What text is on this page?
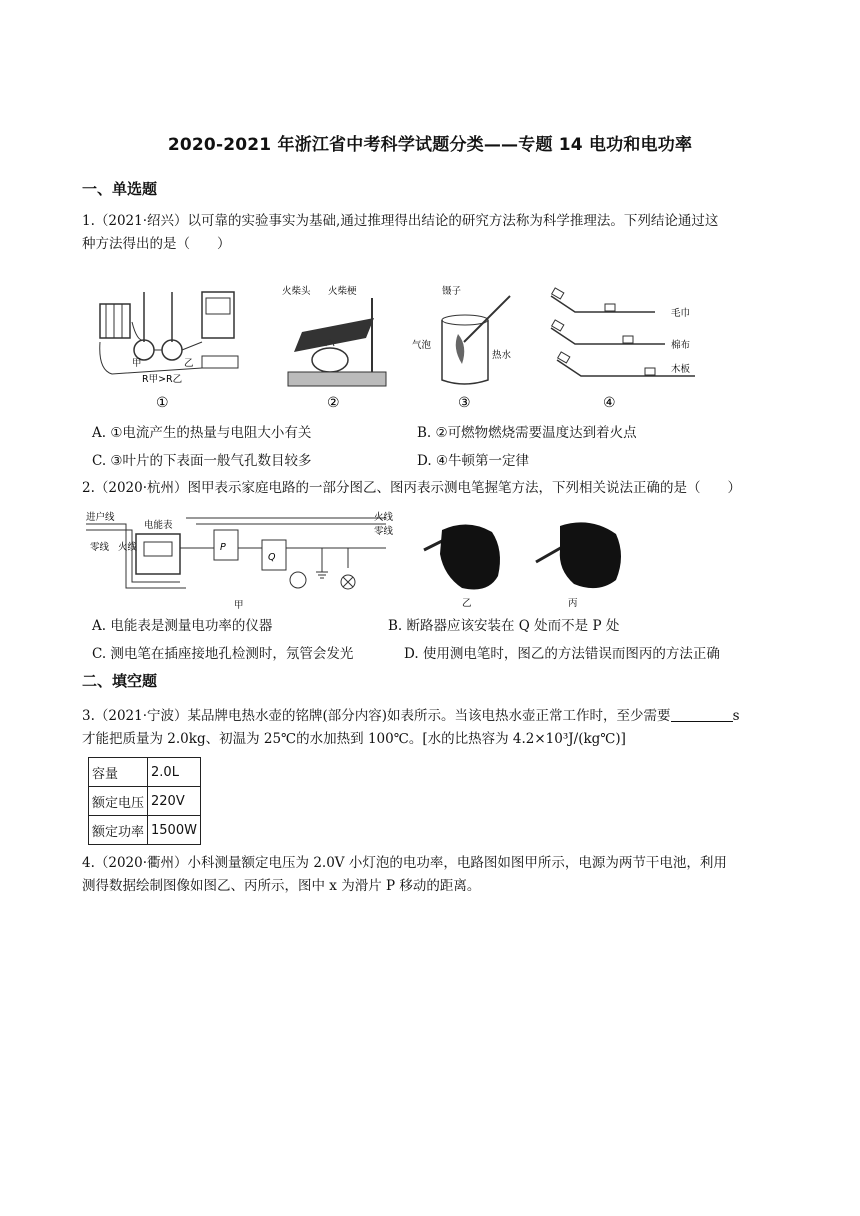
2020-2021 年浙江省中考科学试题分类——专题 14 电功和电功率
一、单选题
1.（2021·绍兴）以可靠的实验事实为基础,通过推理得出结论的研究方法称为科学推理法。下列结论通过这
种方法得出的是（　　）
甲	乙
R甲>R乙
①
火柴头 火柴梗
②
镊子
气泡
热水
③
毛巾
棉布
木板
④
A. ①电流产生的热量与电阻大小有关	B. ②可燃物燃烧需要温度达到着火点
C. ③叶片的下表面一般气孔数目较多	D. ④牛顿第一定律
2.（2020·杭州）图甲表示家庭电路的一部分图乙、图丙表示测电笔握笔方法，下列相关说法正确的是（　　）
进户线
电能表
零线 火线	P
Q
甲
火线
零线
乙	丙
A. 电能表是测量电功率的仪器	B. 断路器应该安装在 Q 处而不是 P 处
C. 测电笔在插座接地孔检测时，氖管会发光	D. 使用测电笔时，图乙的方法错误而图丙的方法正确
二、填空题
3.（2021·宁波）某品牌电热水壶的铭牌(部分内容)如表所示。当该电热水壶正常工作时，至少需要	s
才能把质量为 2.0kg、初温为 25℃的水加热到 100℃。[水的比热容为 4.2×10³J/(kg℃)]
容量	2.0L
额定电压	220V
额定功率	1500W
4.（2020·衢州）小科测量额定电压为 2.0V 小灯泡的电功率，电路图如图甲所示，电源为两节干电池，利用
测得数据绘制图像如图乙、丙所示，图中 x 为滑片 P 移动的距离。
